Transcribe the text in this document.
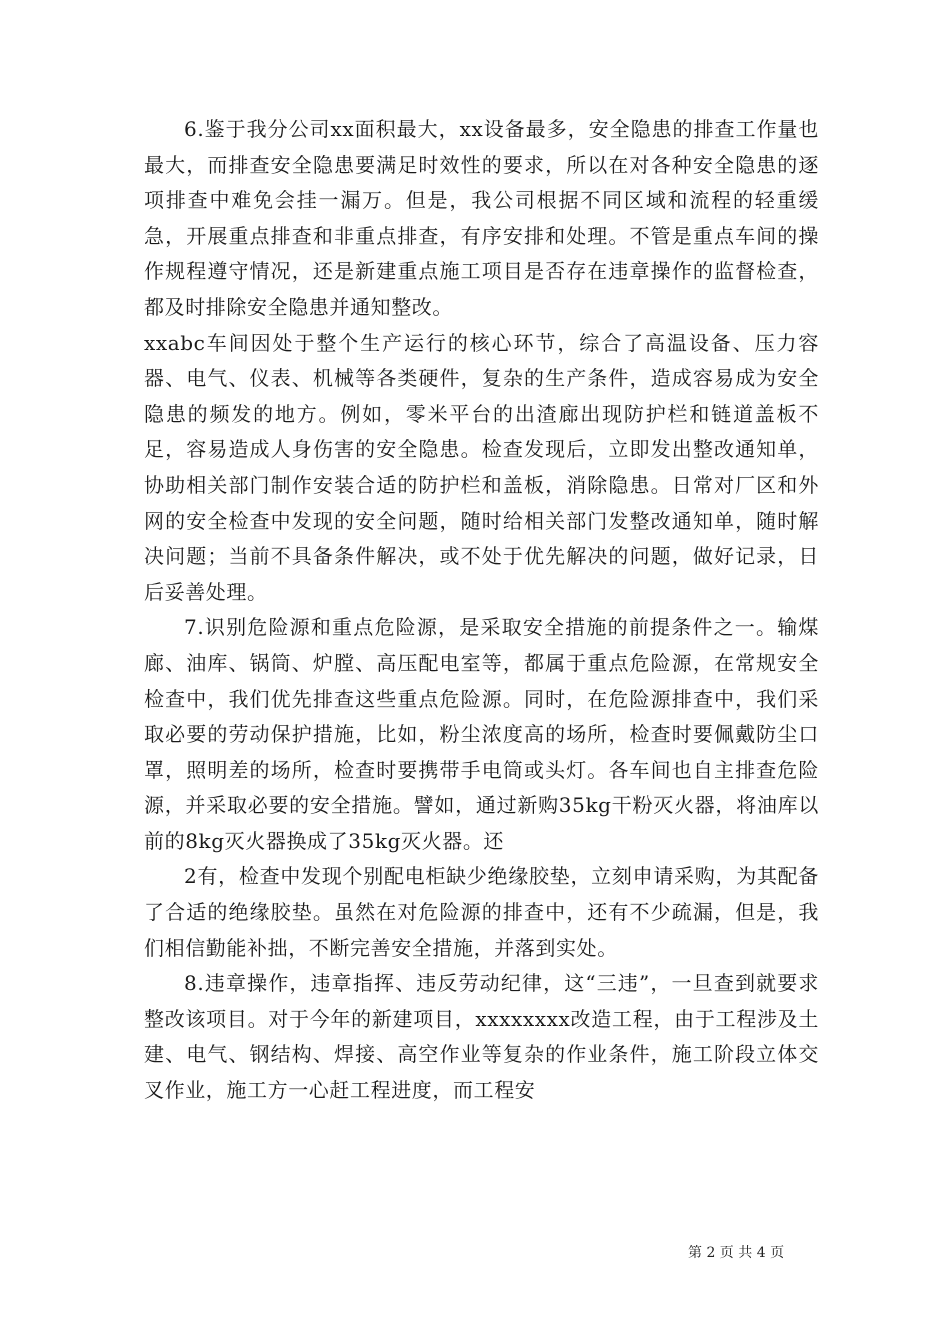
6.鉴于我分公司xx面积最大，xx设备最多，安全隐患的排查工作量也最大，而排查安全隐患要满足时效性的要求，所以在对各种安全隐患的逐项排查中难免会挂一漏万。但是，我公司根据不同区域和流程的轻重缓急，开展重点排查和非重点排查，有序安排和处理。不管是重点车间的操作规程遵守情况，还是新建重点施工项目是否存在违章操作的监督检查，都及时排除安全隐患并通知整改。

xxabc车间因处于整个生产运行的核心环节，综合了高温设备、压力容器、电气、仪表、机械等各类硬件，复杂的生产条件，造成容易成为安全隐患的频发的地方。例如，零米平台的出渣廊出现防护栏和链道盖板不足，容易造成人身伤害的安全隐患。检查发现后，立即发出整改通知单，协助相关部门制作安装合适的防护栏和盖板，消除隐患。日常对厂区和外网的安全检查中发现的安全问题，随时给相关部门发整改通知单，随时解决问题；当前不具备条件解决，或不处于优先解决的问题，做好记录，日后妥善处理。

7.识别危险源和重点危险源，是采取安全措施的前提条件之一。输煤廊、油库、锅筒、炉膛、高压配电室等，都属于重点危险源，在常规安全检查中，我们优先排查这些重点危险源。同时，在危险源排查中，我们采取必要的劳动保护措施，比如，粉尘浓度高的场所，检查时要佩戴防尘口罩，照明差的场所，检查时要携带手电筒或头灯。各车间也自主排查危险源，并采取必要的安全措施。譬如，通过新购35kg干粉灭火器，将油库以前的8kg灭火器换成了35kg灭火器。还

2有，检查中发现个别配电柜缺少绝缘胶垫，立刻申请采购，为其配备了合适的绝缘胶垫。虽然在对危险源的排查中，还有不少疏漏，但是，我们相信勤能补拙，不断完善安全措施，并落到实处。

8.违章操作，违章指挥、违反劳动纪律，这“三违”，一旦查到就要求整改该项目。对于今年的新建项目，xxxxxxxx改造工程，由于工程涉及土建、电气、钢结构、焊接、高空作业等复杂的作业条件，施工阶段立体交叉作业，施工方一心赶工程进度，而工程安

第 2 页 共 4 页
